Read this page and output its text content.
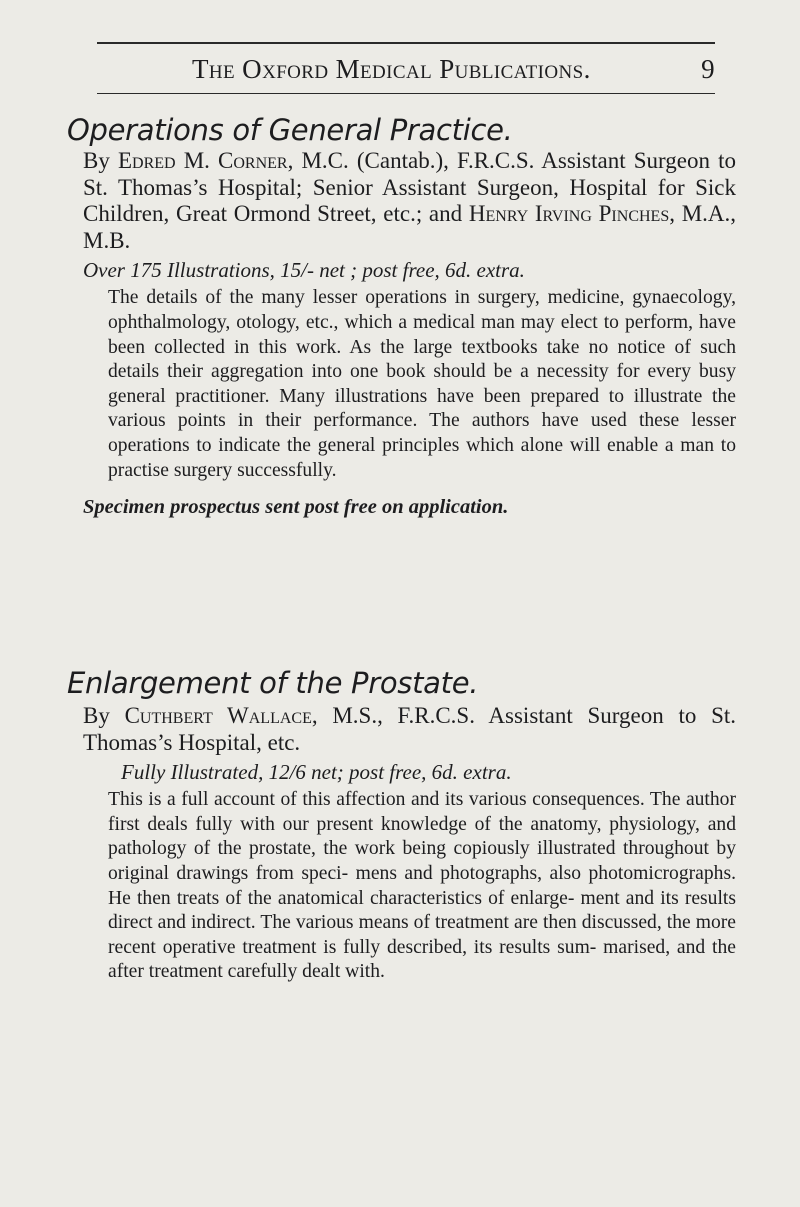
The Oxford Medical Publications.	9
Operations of General Practice.

By Edred M. Corner, M.C. (Cantab.), F.R.C.S. Assistant Surgeon to St. Thomas’s Hospital; Senior Assistant Surgeon, Hospital for Sick Children, Great Ormond Street, etc.; and Henry Irving Pinches, M.A., M.B.

Over 175 Illustrations, 15/- net ; post free, 6d. extra.

The details of the many lesser operations in surgery, medicine, gynaecology, ophthalmology, otology, etc., which a medical man may elect to perform, have been collected in this work. As the large textbooks take no notice of such details their aggregation into one book should be a necessity for every busy general practitioner. Many illustrations have been prepared to illustrate the various points in their performance. The authors have used these lesser operations to indicate the general principles which alone will enable a man to practise surgery successfully.

Specimen prospectus sent post free on application.

Enlargement of the Prostate.

By Cuthbert Wallace, M.S., F.R.C.S. Assistant Surgeon to St. Thomas’s Hospital, etc.

Fully Illustrated, 12/6 net; post free, 6d. extra.

This is a full account of this affection and its various consequences. The author first deals fully with our present knowledge of the anatomy, physiology, and pathology of the prostate, the work being copiously illustrated throughout by original drawings from speci- mens and photographs, also photomicrographs. He then treats of the anatomical characteristics of enlarge- ment and its results direct and indirect. The various means of treatment are then discussed, the more recent operative treatment is fully described, its results sum- marised, and the after treatment carefully dealt with.
